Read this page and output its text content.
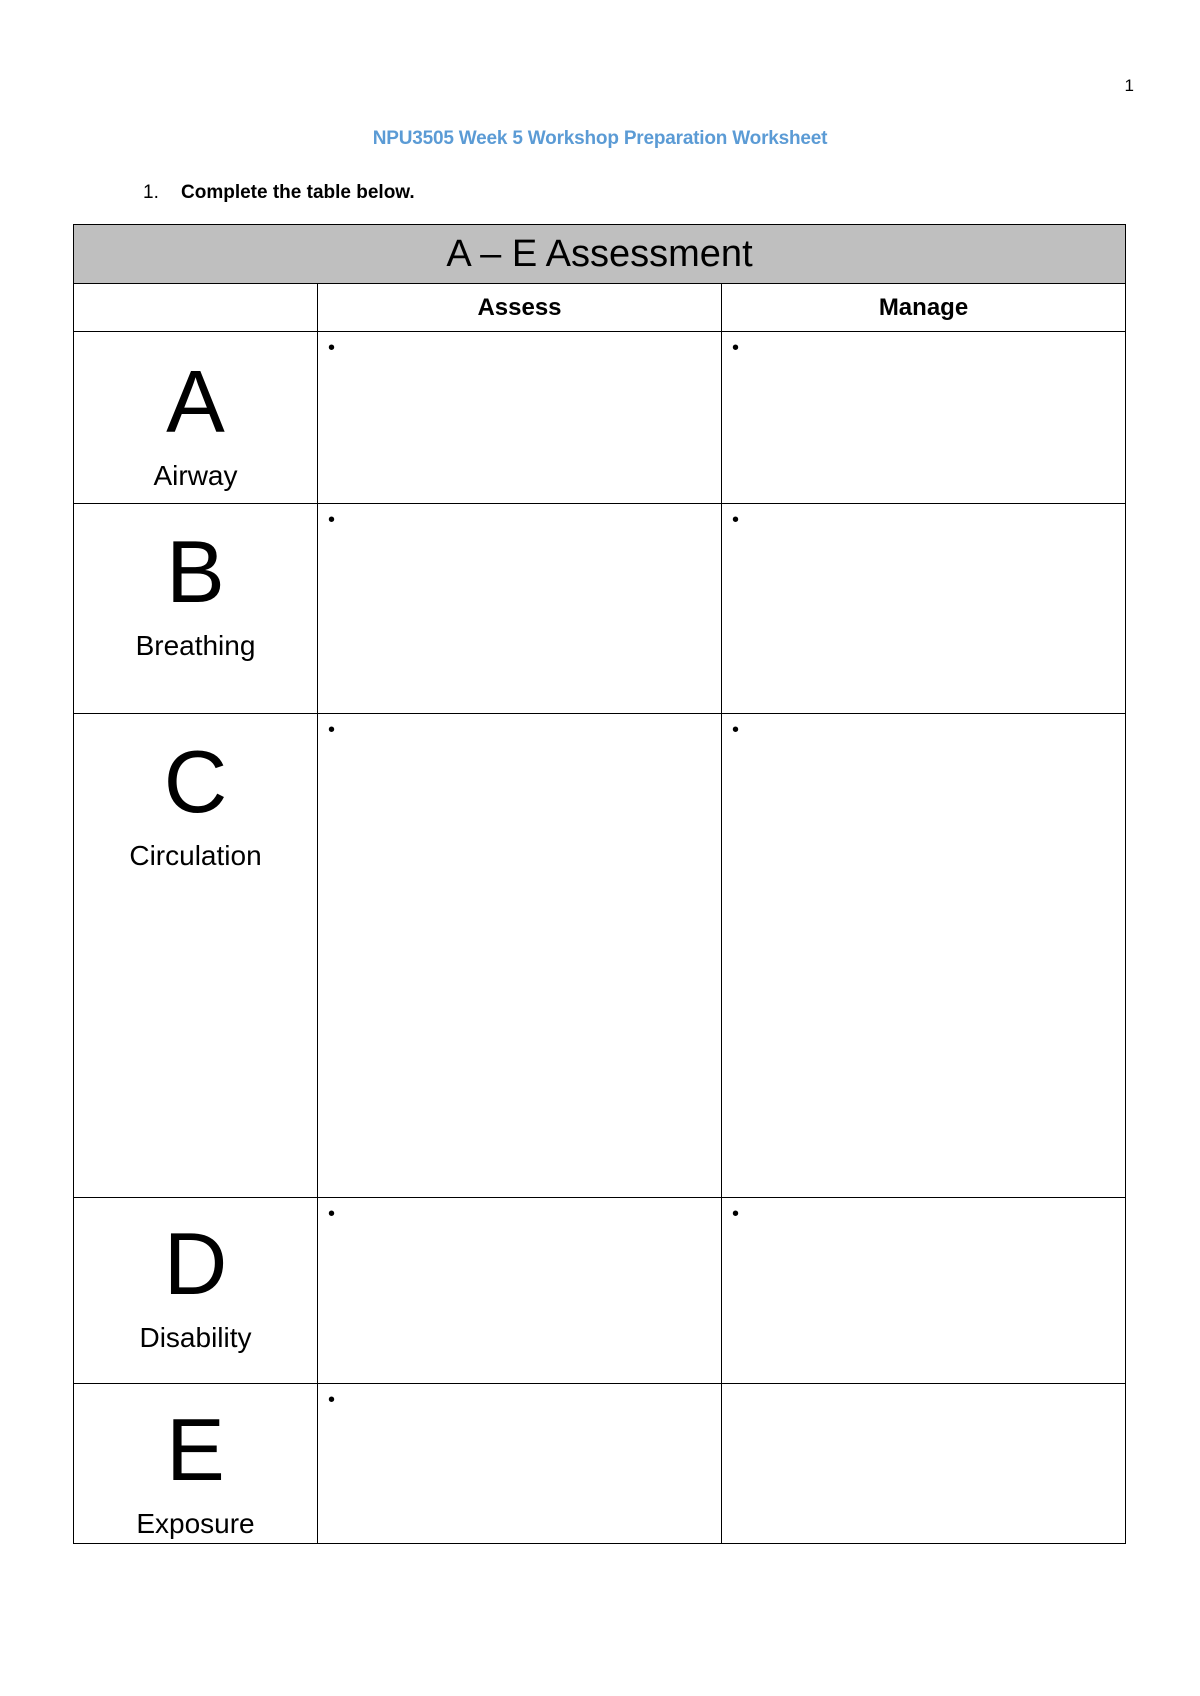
1
NPU3505 Week 5 Workshop Preparation Worksheet
1. Complete the table below.
A – E Assessment		
	Assess	Manage

A
Airway	•	•

B
Breathing	•	•

C
Circulation	•	•

D
Disability	•	•

E
Exposure	•	
